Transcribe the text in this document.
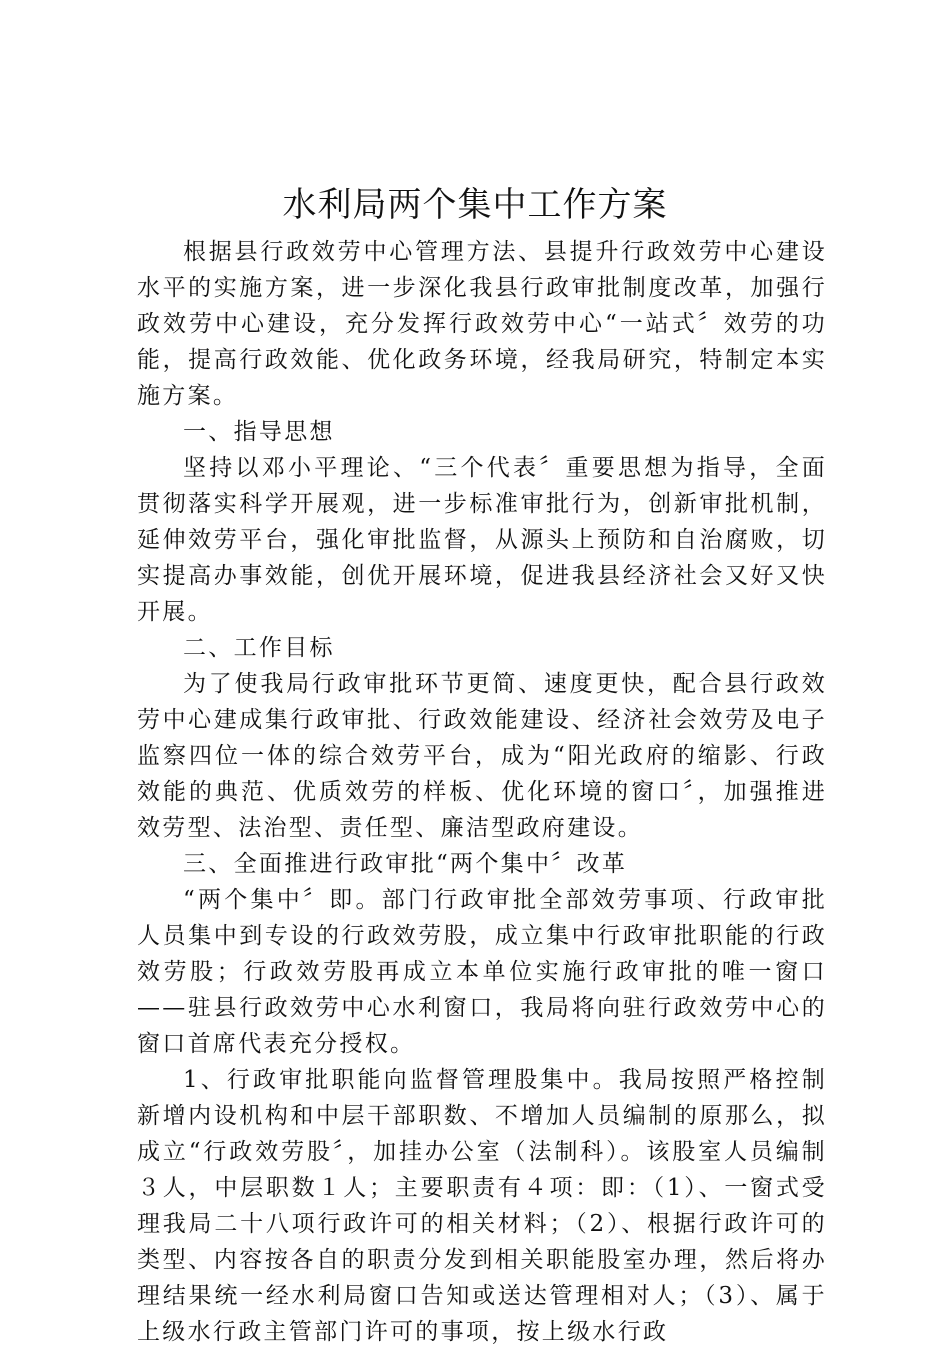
水利局两个集中工作方案

根据县行政效劳中心管理方法、县提升行政效劳中心建设水平的实施方案，进一步深化我县行政审批制度改革，加强行政效劳中心建设，充分发挥行政效劳中心“一站式〞效劳的功能，提高行政效能、优化政务环境，经我局研究，特制定本实施方案。

一、指导思想

坚持以邓小平理论、“三个代表〞重要思想为指导，全面贯彻落实科学开展观，进一步标准审批行为，创新审批机制，延伸效劳平台，强化审批监督，从源头上预防和自治腐败，切实提高办事效能，创优开展环境，促进我县经济社会又好又快开展。

二、工作目标

为了使我局行政审批环节更简、速度更快，配合县行政效劳中心建成集行政审批、行政效能建设、经济社会效劳及电子监察四位一体的综合效劳平台，成为“阳光政府的缩影、行政效能的典范、优质效劳的样板、优化环境的窗口〞，加强推进效劳型、法治型、责任型、廉洁型政府建设。

三、全面推进行政审批“两个集中〞改革

“两个集中〞即。部门行政审批全部效劳事项、行政审批人员集中到专设的行政效劳股，成立集中行政审批职能的行政效劳股；行政效劳股再成立本单位实施行政审批的唯一窗口——驻县行政效劳中心水利窗口，我局将向驻行政效劳中心的窗口首席代表充分授权。

1、行政审批职能向监督管理股集中。我局按照严格控制新增内设机构和中层干部职数、不增加人员编制的原那么，拟成立“行政效劳股〞，加挂办公室（法制科）。该股室人员编制３人，中层职数１人；主要职责有４项：即：（1）、一窗式受理我局二十八项行政许可的相关材料；（2）、根据行政许可的类型、内容按各自的职责分发到相关职能股室办理，然后将办理结果统一经水利局窗口告知或送达管理相对人；（3）、属于上级水行政主管部门许可的事项，按上级水行政
